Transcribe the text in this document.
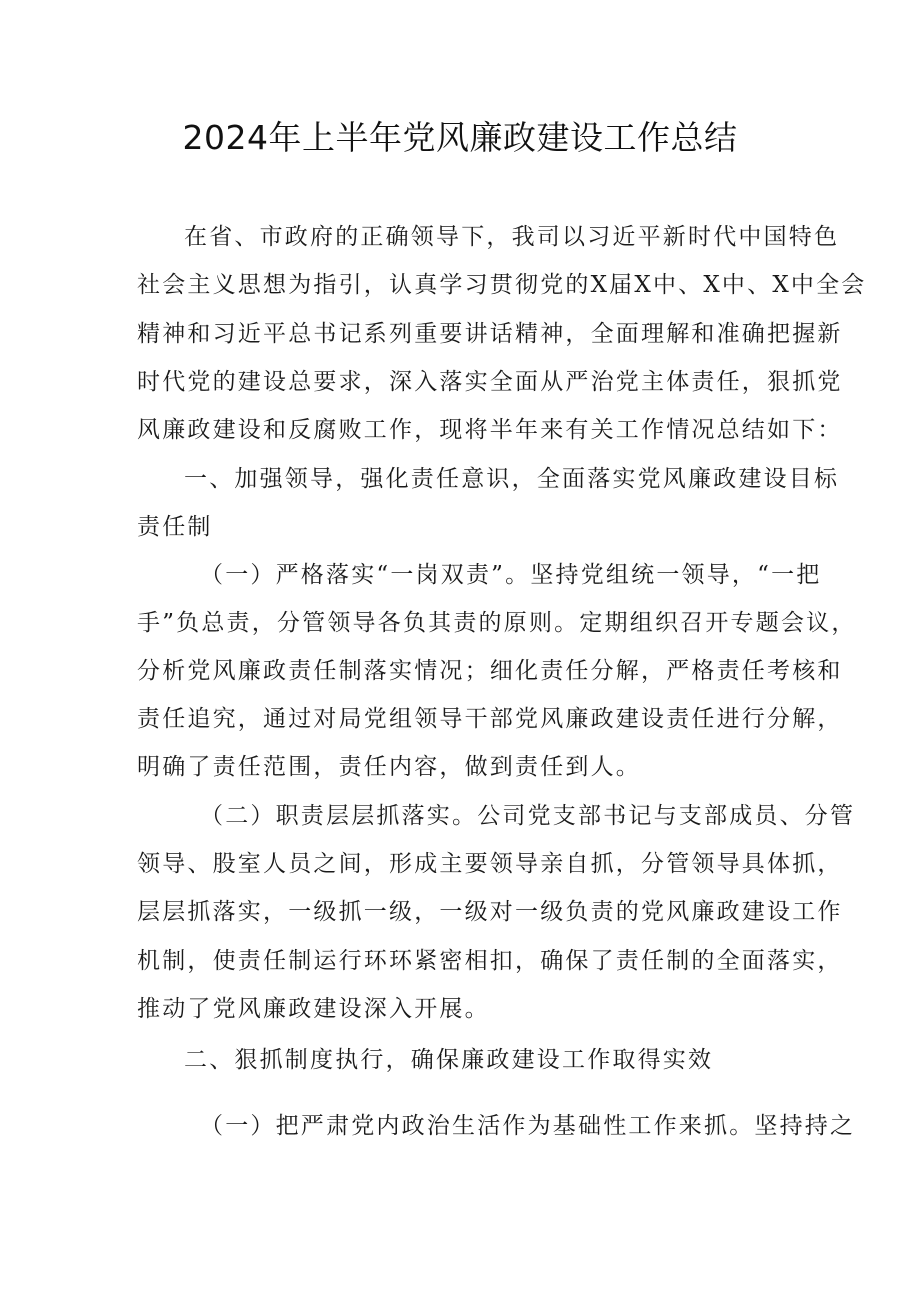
2024年上半年党风廉政建设工作总结
在省、市政府的正确领导下，我司以习近平新时代中国特色
社会主义思想为指引，认真学习贯彻党的X届X中、X中、X中全会
精神和习近平总书记系列重要讲话精神，全面理解和准确把握新
时代党的建设总要求，深入落实全面从严治党主体责任，狠抓党
风廉政建设和反腐败工作，现将半年来有关工作情况总结如下：
一、加强领导，强化责任意识，全面落实党风廉政建设目标
责任制
（一）严格落实“一岗双责”。坚持党组统一领导，“一把
手”负总责，分管领导各负其责的原则。定期组织召开专题会议，
分析党风廉政责任制落实情况；细化责任分解，严格责任考核和
责任追究，通过对局党组领导干部党风廉政建设责任进行分解，
明确了责任范围，责任内容，做到责任到人。
（二）职责层层抓落实。公司党支部书记与支部成员、分管
领导、股室人员之间，形成主要领导亲自抓，分管领导具体抓，
层层抓落实，一级抓一级，一级对一级负责的党风廉政建设工作
机制，使责任制运行环环紧密相扣，确保了责任制的全面落实，
推动了党风廉政建设深入开展。
二、狠抓制度执行，确保廉政建设工作取得实效
（一）把严肃党内政治生活作为基础性工作来抓。坚持持之
